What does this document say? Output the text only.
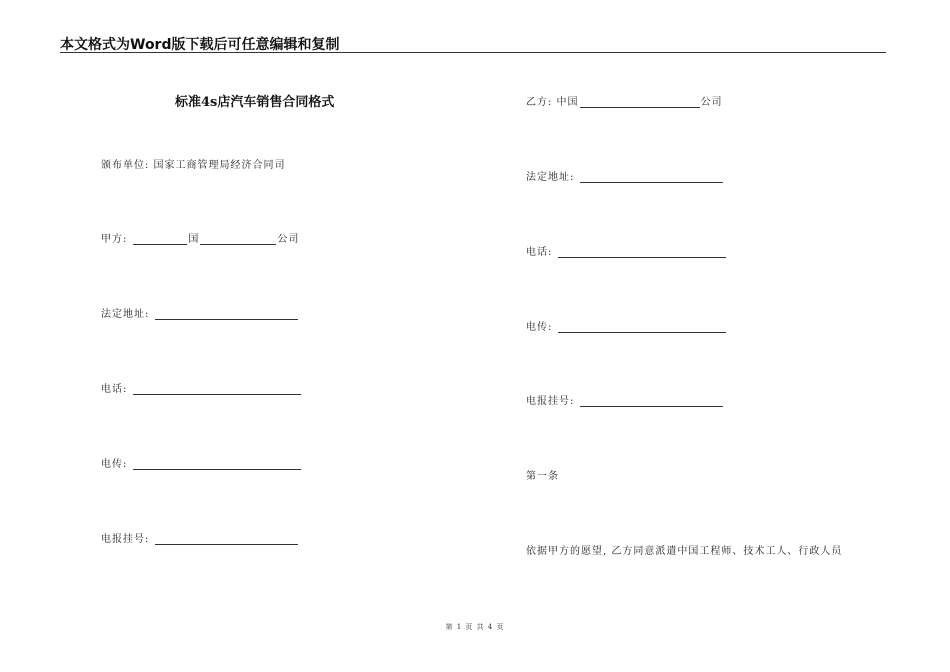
本文格式为Word版下载后可任意编辑和复制
标准4s店汽车销售合同格式
颁布单位: 国家工商管理局经济合同司
甲方:	国	公司
法定地址:
电话:
电传:
电报挂号:
乙方: 中国	公司
法定地址:
电话:
电传:
电报挂号:
第一条
依据甲方的愿望, 乙方同意派遣中国工程师、技术工人、行政人员
第 1 页 共 4 页
